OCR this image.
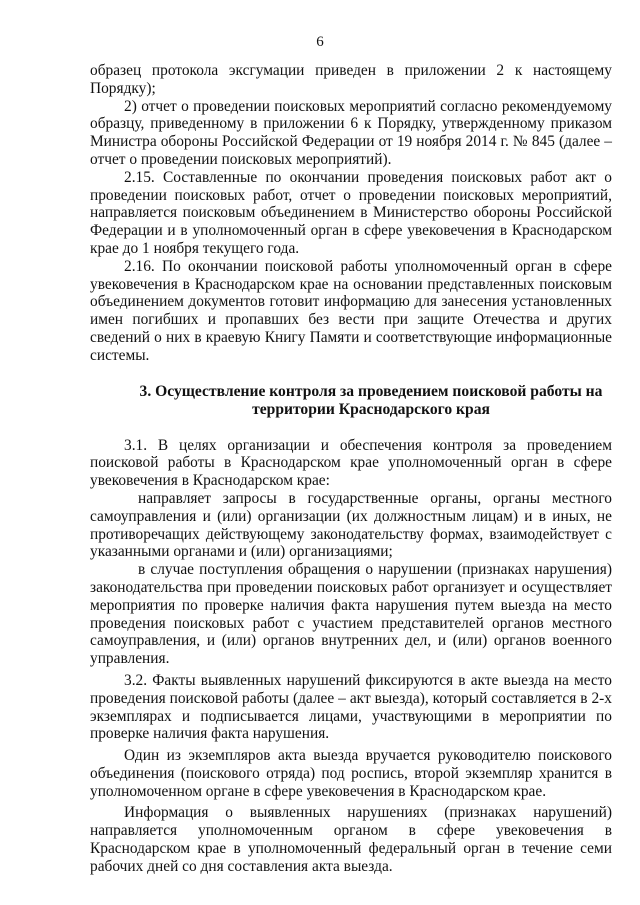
6

образец протокола эксгумации приведен в приложении 2 к настоящему Порядку);

2) отчет о проведении поисковых мероприятий согласно рекомендуемому образцу, приведенному в приложении 6 к Порядку, утвержденному приказом Министра обороны Российской Федерации от 19 ноября 2014 г. № 845 (далее – отчет о проведении поисковых мероприятий).

2.15. Составленные по окончании проведения поисковых работ акт о проведении поисковых работ, отчет о проведении поисковых мероприятий, направляется поисковым объединением в Министерство обороны Российской Федерации и в уполномоченный орган в сфере увековечения в Краснодарском крае до 1 ноября текущего года.

2.16. По окончании поисковой работы уполномоченный орган в сфере увековечения в Краснодарском крае на основании представленных поисковым объединением документов готовит информацию для занесения установленных имен погибших и пропавших без вести при защите Отечества и других сведений о них в краевую Книгу Памяти и соответствующие информационные системы.

3. Осуществление контроля за проведением поисковой работы на территории Краснодарского края

3.1. В целях организации и обеспечения контроля за проведением поисковой работы в Краснодарском крае уполномоченный орган в сфере увековечения в Краснодарском крае:

направляет запросы в государственные органы, органы местного самоуправления и (или) организации (их должностным лицам) и в иных, не противоречащих действующему законодательству формах, взаимодействует с указанными органами и (или) организациями;

в случае поступления обращения о нарушении (признаках нарушения) законодательства при проведении поисковых работ организует и осуществляет мероприятия по проверке наличия факта нарушения путем выезда на место проведения поисковых работ с участием представителей органов местного самоуправления, и (или) органов внутренних дел, и (или) органов военного управления.

3.2. Факты выявленных нарушений фиксируются в акте выезда на место проведения поисковой работы (далее – акт выезда), который составляется в 2-х экземплярах и подписывается лицами, участвующими в мероприятии по проверке наличия факта нарушения.

Один из экземпляров акта выезда вручается руководителю поискового объединения (поискового отряда) под роспись, второй экземпляр хранится в уполномоченном органе в сфере увековечения в Краснодарском крае.

Информация о выявленных нарушениях (признаках нарушений) направляется уполномоченным органом в сфере увековечения в Краснодарском крае в уполномоченный федеральный орган в течение семи рабочих дней со дня составления акта выезда.
